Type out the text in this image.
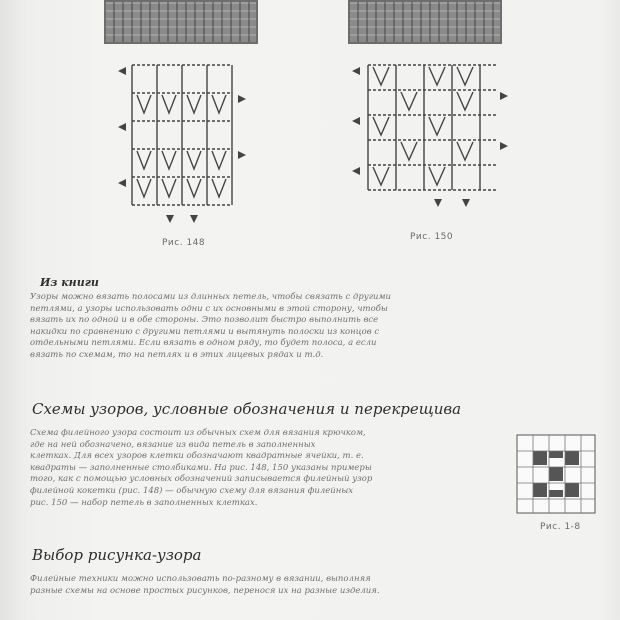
Рис. 148
Рис. 150
Из книги
Узоры можно вязать полосами из длинных петель, чтобы связать с другими
петлями, а узоры использовать одни с их основными в этой сторону, чтобы
вязать их по одной и в обе стороны. Это позволит быстро выполнить все
накидки по сравнению с другими петлями и вытянуть полоски из концов с
отдельными петлями. Если вязать в одном ряду, то будет полоса, а если
вязать по схемам, то на петлях и в этих лицевых рядах и т.д.
Схемы узоров, условные обозначения и перекрещива
Схема филейного узора состоит из обычных схем для вязания крючком,
где на ней обозначено, вязание из вида петель в заполненных
клетках. Для всех узоров клетки обозначают квадратные ячейки, т. е.
квадраты — заполненные столбиками. На рис. 148, 150 указаны примеры
того, как с помощью условных обозначений записывается филейный узор
филейной кокетки (рис. 148) — обычную схему для вязания филейных
рис. 150 — набор петель в заполненных клетках.
Рис. 1-8
Выбор рисунка-узора
Филейные техники можно использовать по-разному в вязании, выполняя
разные схемы на основе простых рисунков, перенося их на разные изделия.
